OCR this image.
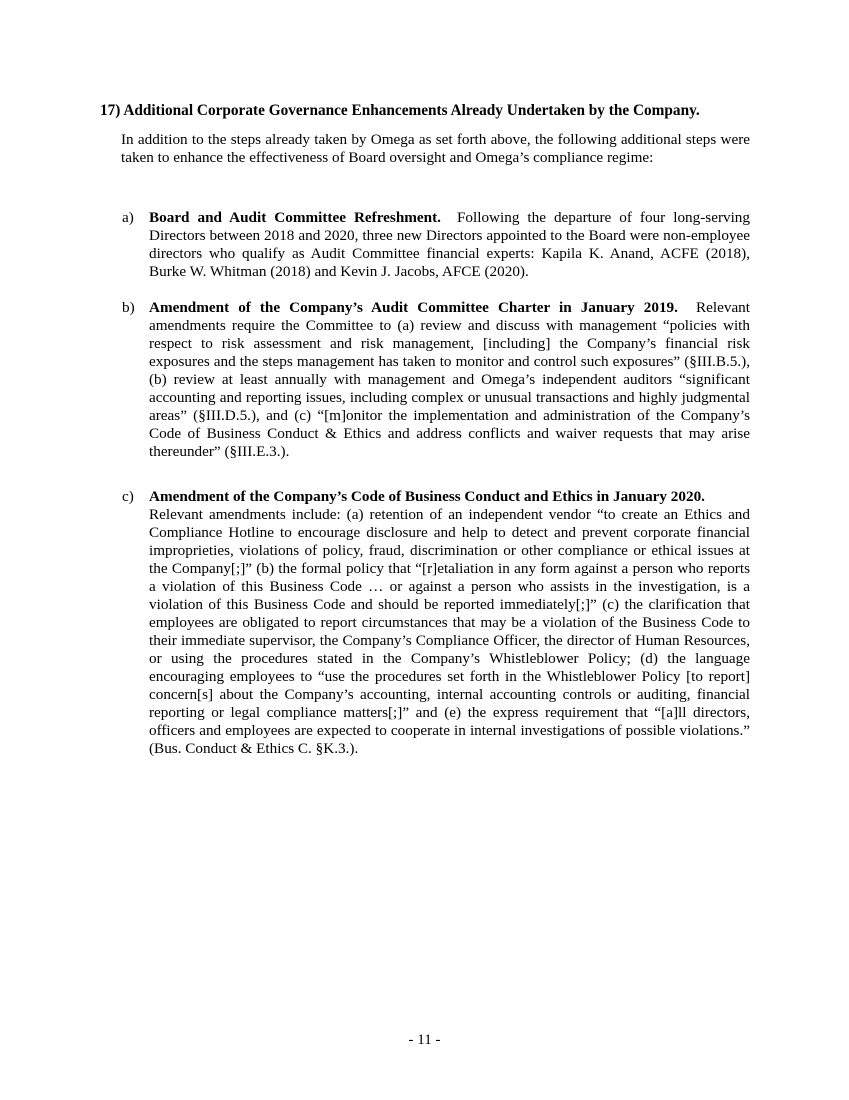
17) Additional Corporate Governance Enhancements Already Undertaken by the Company.

In addition to the steps already taken by Omega as set forth above, the following additional steps were taken to enhance the effectiveness of Board oversight and Omega’s compliance regime:

a) Board and Audit Committee Refreshment. Following the departure of four long-serving Directors between 2018 and 2020, three new Directors appointed to the Board were non-employee directors who qualify as Audit Committee financial experts: Kapila K. Anand, ACFE (2018), Burke W. Whitman (2018) and Kevin J. Jacobs, AFCE (2020).
b) Amendment of the Company’s Audit Committee Charter in January 2019. Relevant amendments require the Committee to (a) review and discuss with management “policies with respect to risk assessment and risk management, [including] the Company’s financial risk exposures and the steps management has taken to monitor and control such exposures” (§III.B.5.), (b) review at least annually with management and Omega’s independent auditors “significant accounting and reporting issues, including complex or unusual transactions and highly judgmental areas” (§III.D.5.), and (c) “[m]onitor the implementation and administration of the Company’s Code of Business Conduct & Ethics and address conflicts and waiver requests that may arise thereunder” (§III.E.3.).
c) Amendment of the Company’s Code of Business Conduct and Ethics in January 2020.
Relevant amendments include: (a) retention of an independent vendor “to create an Ethics and Compliance Hotline to encourage disclosure and help to detect and prevent corporate financial improprieties, violations of policy, fraud, discrimination or other compliance or ethical issues at the Company[;]” (b) the formal policy that “[r]etaliation in any form against a person who reports a violation of this Business Code … or against a person who assists in the investigation, is a violation of this Business Code and should be reported immediately[;]” (c) the clarification that employees are obligated to report circumstances that may be a violation of the Business Code to their immediate supervisor, the Company’s Compliance Officer, the director of Human Resources, or using the procedures stated in the Company’s Whistleblower Policy; (d) the language encouraging employees to “use the procedures set forth in the Whistleblower Policy [to report] concern[s] about the Company’s accounting, internal accounting controls or auditing, financial reporting or legal compliance matters[;]” and (e) the express requirement that “[a]ll directors, officers and employees are expected to cooperate in internal investigations of possible violations.” (Bus. Conduct & Ethics C. §K.3.).
- 11 -
